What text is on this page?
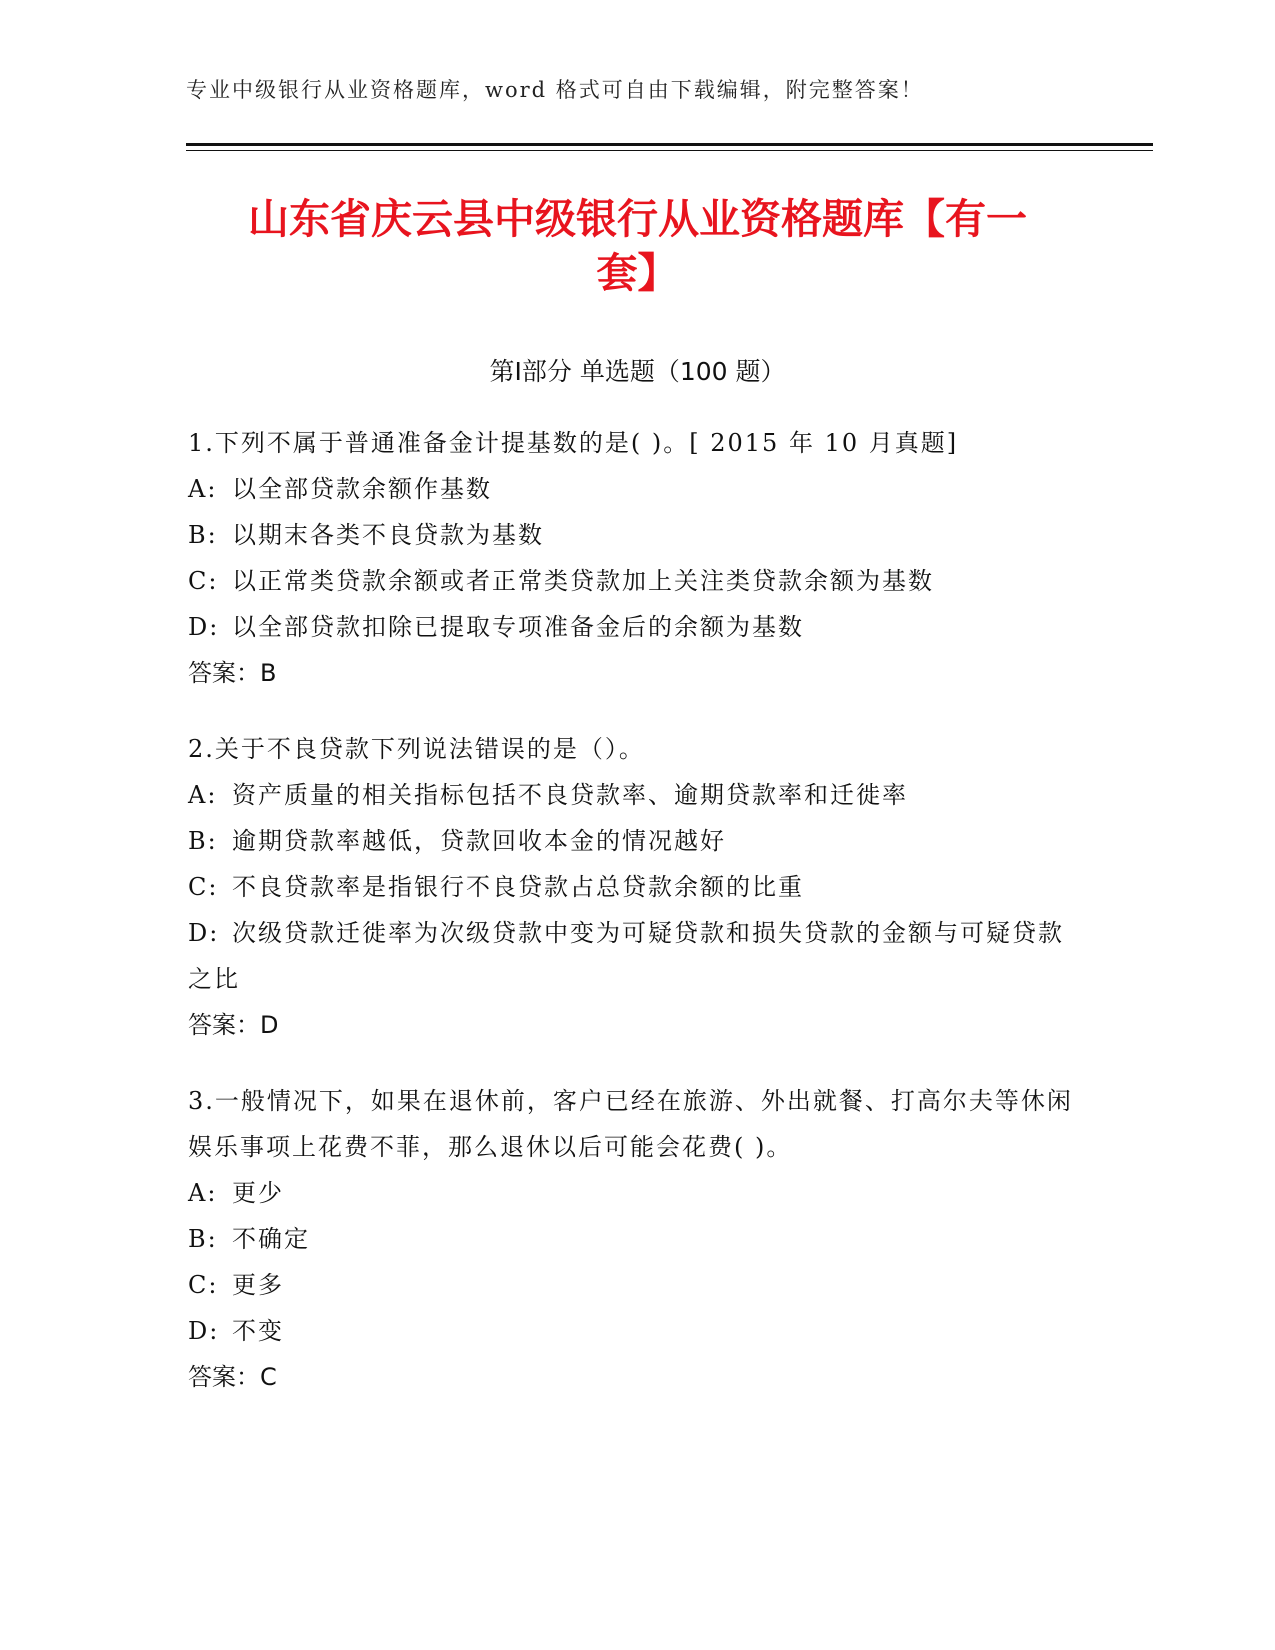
专业中级银行从业资格题库，word 格式可自由下载编辑，附完整答案！
山东省庆云县中级银行从业资格题库【有一
套】
第Ⅰ部分 单选题（100 题）
1.下列不属于普通准备金计提基数的是( )。[ 2015 年 10 月真题]
A: 以全部贷款余额作基数
B: 以期末各类不良贷款为基数
C: 以正常类贷款余额或者正常类贷款加上关注类贷款余额为基数
D: 以全部贷款扣除已提取专项准备金后的余额为基数
答案：B
2.关于不良贷款下列说法错误的是（）。
A: 资产质量的相关指标包括不良贷款率、逾期贷款率和迁徙率
B: 逾期贷款率越低，贷款回收本金的情况越好
C: 不良贷款率是指银行不良贷款占总贷款余额的比重
D: 次级贷款迁徙率为次级贷款中变为可疑贷款和损失贷款的金额与可疑贷款之比
答案：D
3.一般情况下，如果在退休前，客户已经在旅游、外出就餐、打高尔夫等休闲娱乐事项上花费不菲，那么退休以后可能会花费( )。
A: 更少
B: 不确定
C: 更多
D: 不变
答案：C
